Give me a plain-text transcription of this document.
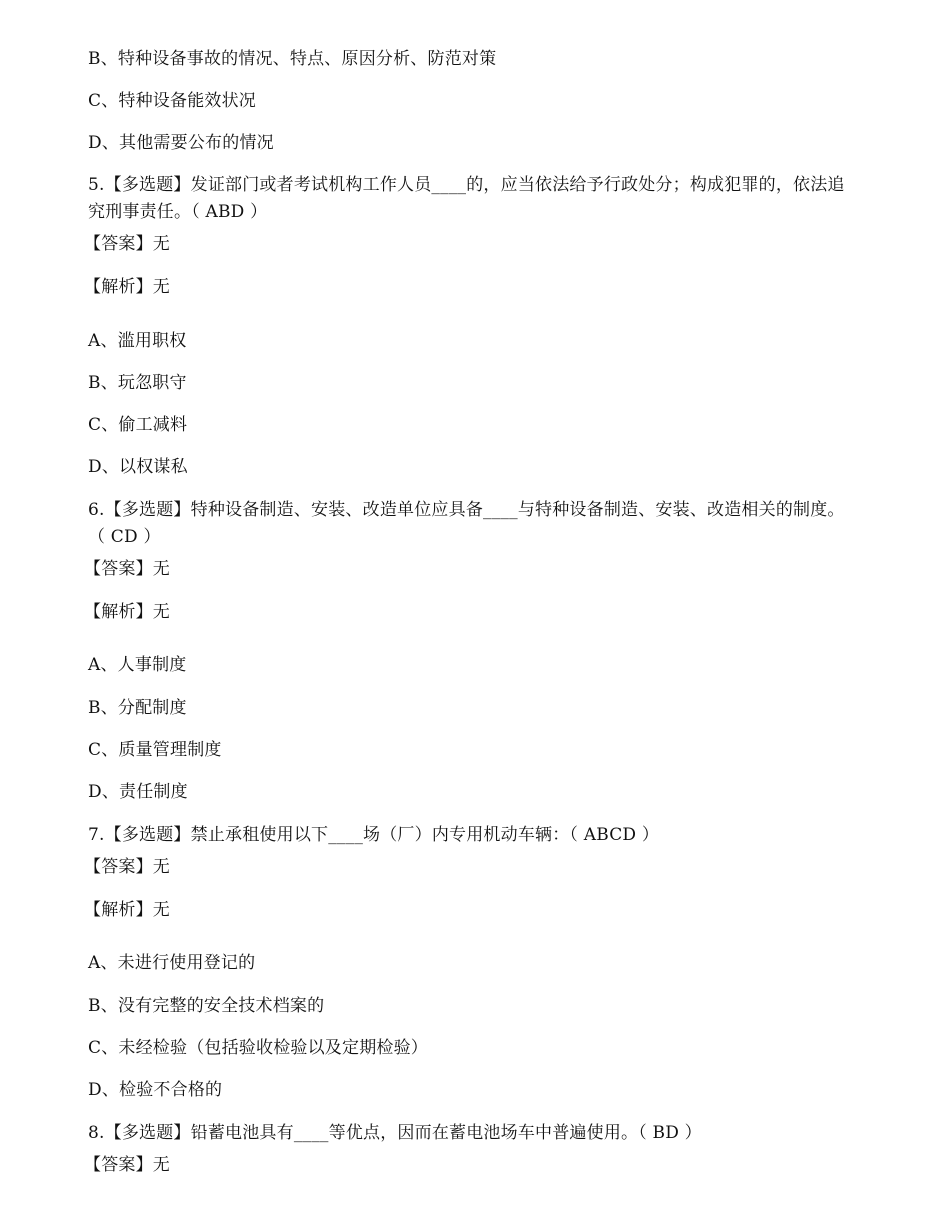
B、特种设备事故的情况、特点、原因分析、防范对策
C、特种设备能效状况
D、其他需要公布的情况
5.【多选题】发证部门或者考试机构工作人员____的，应当依法给予行政处分；构成犯罪的，依法追
究刑事责任。（ ABD ）
【答案】无
【解析】无
A、滥用职权
B、玩忽职守
C、偷工减料
D、以权谋私
6.【多选题】特种设备制造、安装、改造单位应具备____与特种设备制造、安装、改造相关的制度。
（ CD ）
【答案】无
【解析】无
A、人事制度
B、分配制度
C、质量管理制度
D、责任制度
7.【多选题】禁止承租使用以下____场（厂）内专用机动车辆：（ ABCD ）
【答案】无
【解析】无
A、未进行使用登记的
B、没有完整的安全技术档案的
C、未经检验（包括验收检验以及定期检验）
D、检验不合格的
8.【多选题】铅蓄电池具有____等优点，因而在蓄电池场车中普遍使用。（ BD ）
【答案】无
